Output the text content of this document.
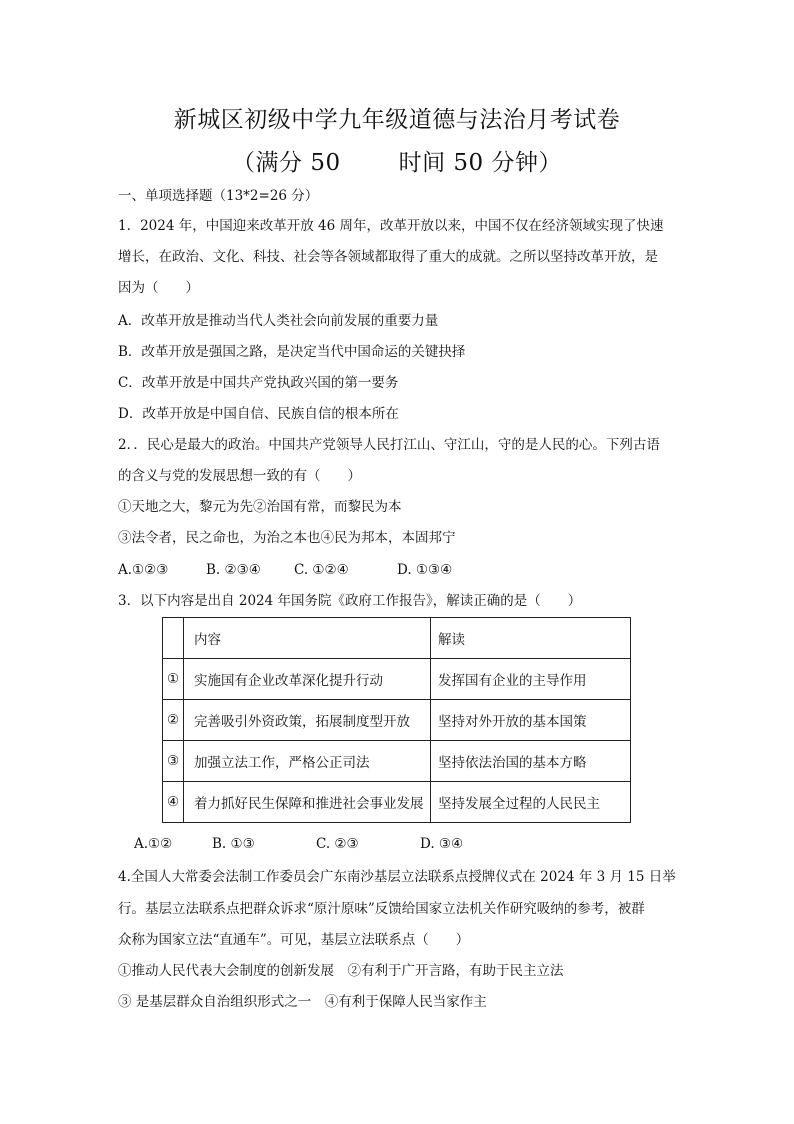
新城区初级中学九年级道德与法治月考试卷
（满分 50	时间 50 分钟）

一、单项选择题（13*2=26 分）

1．2024 年，中国迎来改革开放 46 周年，改革开放以来，中国不仅在经济领域实现了快速

增长，在政治、文化、科技、社会等各领域都取得了重大的成就。之所以坚持改革开放，是

因为（　　）

A．改革开放是推动当代人类社会向前发展的重要力量

B．改革开放是强国之路，是决定当代中国命运的关键抉择

C．改革开放是中国共产党执政兴国的第一要务

D．改革开放是中国自信、民族自信的根本所在

2．．民心是最大的政治。中国共产党领导人民打江山、守江山，守的是人民的心。下列古语

的含义与党的发展思想一致的有（　　）

①天地之大，黎元为先②治国有常，而黎民为本

③法令者，民之命也，为治之本也④民为邦本，本固邦宁

A.①②③	B. ②③④ C. ①②④	D. ①③④

3．以下内容是出自 2024 年国务院《政府工作报告》，解读正确的是（　　）

	内容	解读
①	实施国有企业改革深化提升行动	发挥国有企业的主导作用
②	完善吸引外资政策，拓展制度型开放	坚持对外开放的基本国策
③	加强立法工作，严格公正司法	坚持依法治国的基本方略
④	着力抓好民生保障和推进社会事业发展	坚持发展全过程的人民民主

A.①②	B. ①③	C. ②③	D. ③④

4.全国人大常委会法制工作委员会广东南沙基层立法联系点授牌仪式在 2024 年 3 月 15 日举

行。基层立法联系点把群众诉求“原汁原味”反馈给国家立法机关作研究吸纳的参考，被群

众称为国家立法“直通车”。可见，基层立法联系点（　　）

①推动人民代表大会制度的创新发展　②有利于广开言路，有助于民主立法

③ 是基层群众自治组织形式之一　④有利于保障人民当家作主
